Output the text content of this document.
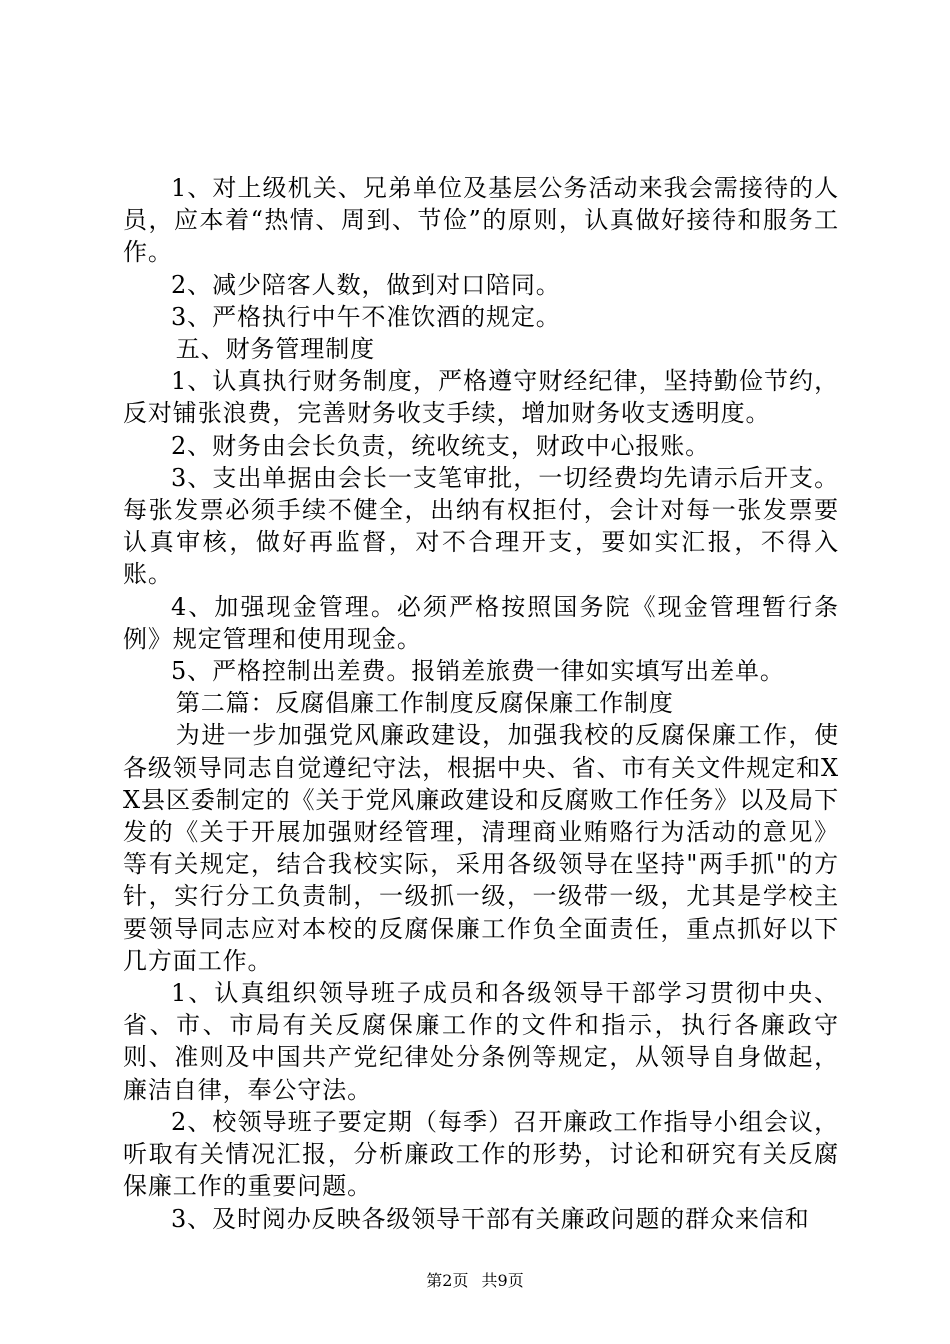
1、对上级机关、兄弟单位及基层公务活动来我会需接待的人员，应本着“热情、周到、节俭”的原则，认真做好接待和服务工作。

2、减少陪客人数，做到对口陪同。

3、严格执行中午不准饮酒的规定。

五、财务管理制度

1、认真执行财务制度，严格遵守财经纪律，坚持勤俭节约，反对铺张浪费，完善财务收支手续，增加财务收支透明度。

2、财务由会长负责，统收统支，财政中心报账。

3、支出单据由会长一支笔审批，一切经费均先请示后开支。每张发票必须手续不健全，出纳有权拒付，会计对每一张发票要认真审核，做好再监督，对不合理开支，要如实汇报，不得入账。

4、加强现金管理。必须严格按照国务院《现金管理暂行条例》规定管理和使用现金。

5、严格控制出差费。报销差旅费一律如实填写出差单。

第二篇：反腐倡廉工作制度反腐保廉工作制度

为进一步加强党风廉政建设，加强我校的反腐保廉工作，使各级领导同志自觉遵纪守法，根据中央、省、市有关文件规定和XX县区委制定的《关于党风廉政建设和反腐败工作任务》以及局下发的《关于开展加强财经管理，清理商业贿赂行为活动的意见》等有关规定，结合我校实际，采用各级领导在坚持"两手抓"的方针，实行分工负责制，一级抓一级，一级带一级，尤其是学校主要领导同志应对本校的反腐保廉工作负全面责任，重点抓好以下几方面工作。

1、认真组织领导班子成员和各级领导干部学习贯彻中央、省、市、市局有关反腐保廉工作的文件和指示，执行各廉政守则、准则及中国共产党纪律处分条例等规定，从领导自身做起，廉洁自律，奉公守法。

2、校领导班子要定期（每季）召开廉政工作指导小组会议，听取有关情况汇报，分析廉政工作的形势，讨论和研究有关反腐保廉工作的重要问题。

3、及时阅办反映各级领导干部有关廉政问题的群众来信和

第2页 共9页
